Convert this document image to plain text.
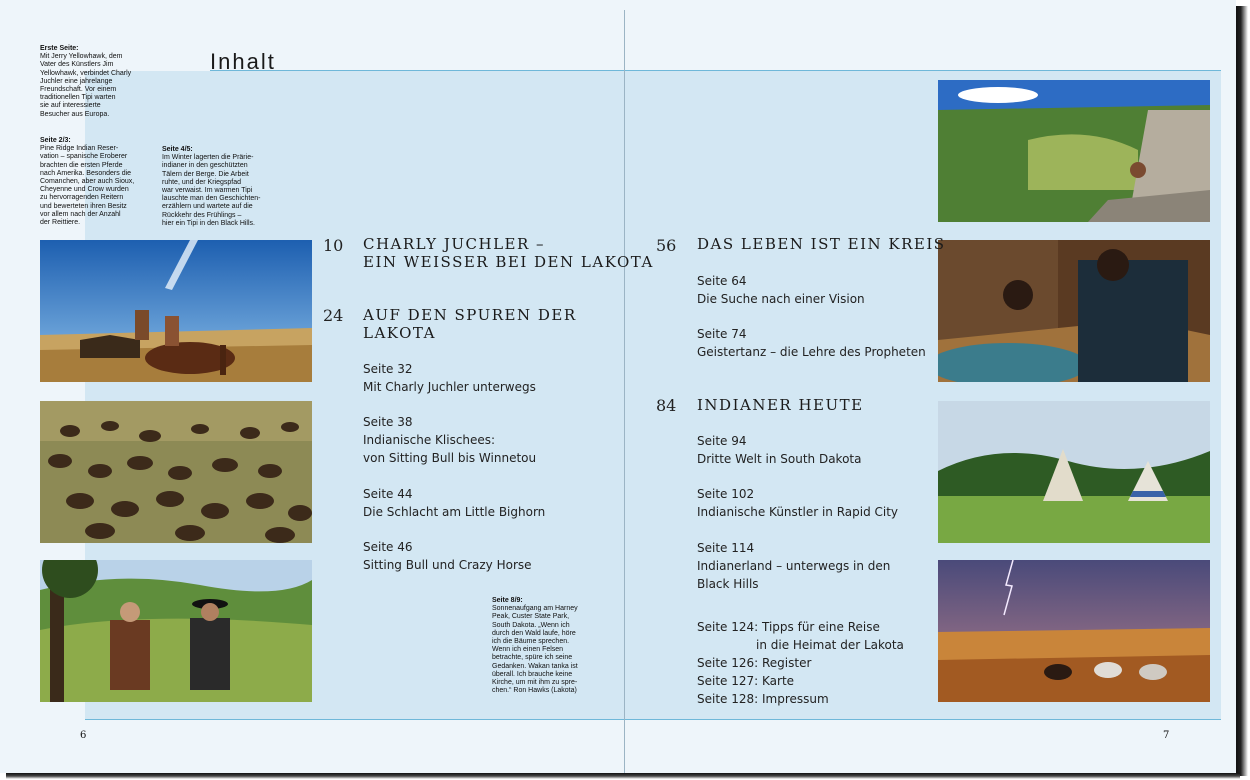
Inhalt
Erste Seite:
Mit Jerry Yellowhawk, dem
Vater des Künstlers Jim
Yellowhawk, verbindet Charly
Juchler eine jahrelange
Freundschaft. Vor einem
traditionellen Tipi warten
sie auf interessierte
Besucher aus Europa.
Seite 2/3:
Pine Ridge Indian Reser-
vation – spanische Eroberer
brachten die ersten Pferde
nach Amerika. Besonders die
Comanchen, aber auch Sioux,
Cheyenne und Crow wurden
zu hervorragenden Reitern
und bewerteten ihren Besitz
vor allem nach der Anzahl
der Reittiere.
Seite 4/5:
Im Winter lagerten die Prärie-
indianer in den geschützten
Tälern der Berge. Die Arbeit
ruhte, und der Kriegspfad
war verwaist. Im warmen Tipi
lauschte man den Geschichten-
erzählern und wartete auf die
Rückkehr des Frühlings –
hier ein Tipi in den Black Hills.
Seite 8/9:
Sonnenaufgang am Harney
Peak, Custer State Park,
South Dakota. „Wenn ich
durch den Wald laufe, höre
ich die Bäume sprechen.
Wenn ich einen Felsen
betrachte, spüre ich seine
Gedanken. Wakan tanka ist
überall. Ich brauche keine
Kirche, um mit ihm zu spre-
chen.“ Ron Hawks (Lakota)
10 CHARLY JUCHLER –
EIN WEISSER BEI DEN LAKOTA
24 AUF DEN SPUREN DER
LAKOTA
Seite 32
Mit Charly Juchler unterwegs
Seite 38
Indianische Klischees:
von Sitting Bull bis Winnetou
Seite 44
Die Schlacht am Little Bighorn
Seite 46
Sitting Bull und Crazy Horse
56 DAS LEBEN IST EIN KREIS
Seite 64
Die Suche nach einer Vision
Seite 74
Geistertanz – die Lehre des Propheten
84 INDIANER HEUTE
Seite 94
Dritte Welt in South Dakota
Seite 102
Indianische Künstler in Rapid City
Seite 114
Indianerland – unterwegs in den
Black Hills
Seite 124: Tipps für eine Reise
in die Heimat der Lakota
Seite 126: Register
Seite 127: Karte
Seite 128: Impressum
6	7
